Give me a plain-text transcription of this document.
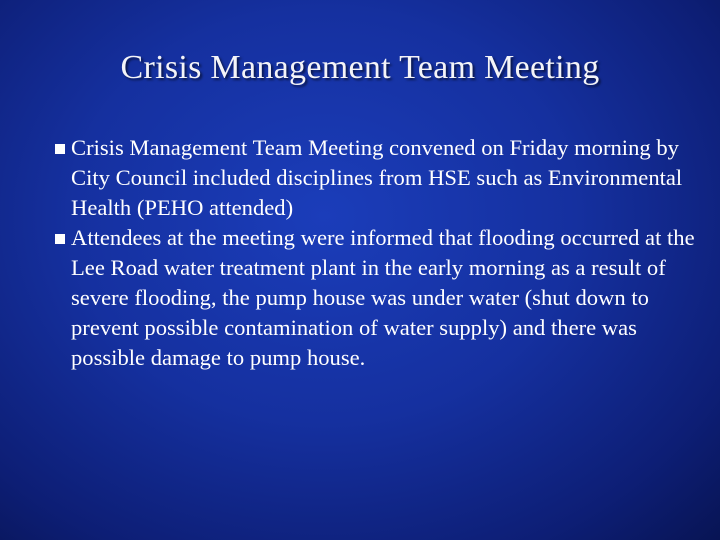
Crisis Management Team Meeting
Crisis Management Team Meeting convened on Friday morning by City Council included disciplines from HSE such as Environmental Health (PEHO attended)
Attendees at the meeting were informed that flooding occurred at the Lee Road water treatment plant in the early morning as a result of severe flooding, the pump house was under water (shut down to prevent possible contamination of water supply) and there was possible damage to pump house.
